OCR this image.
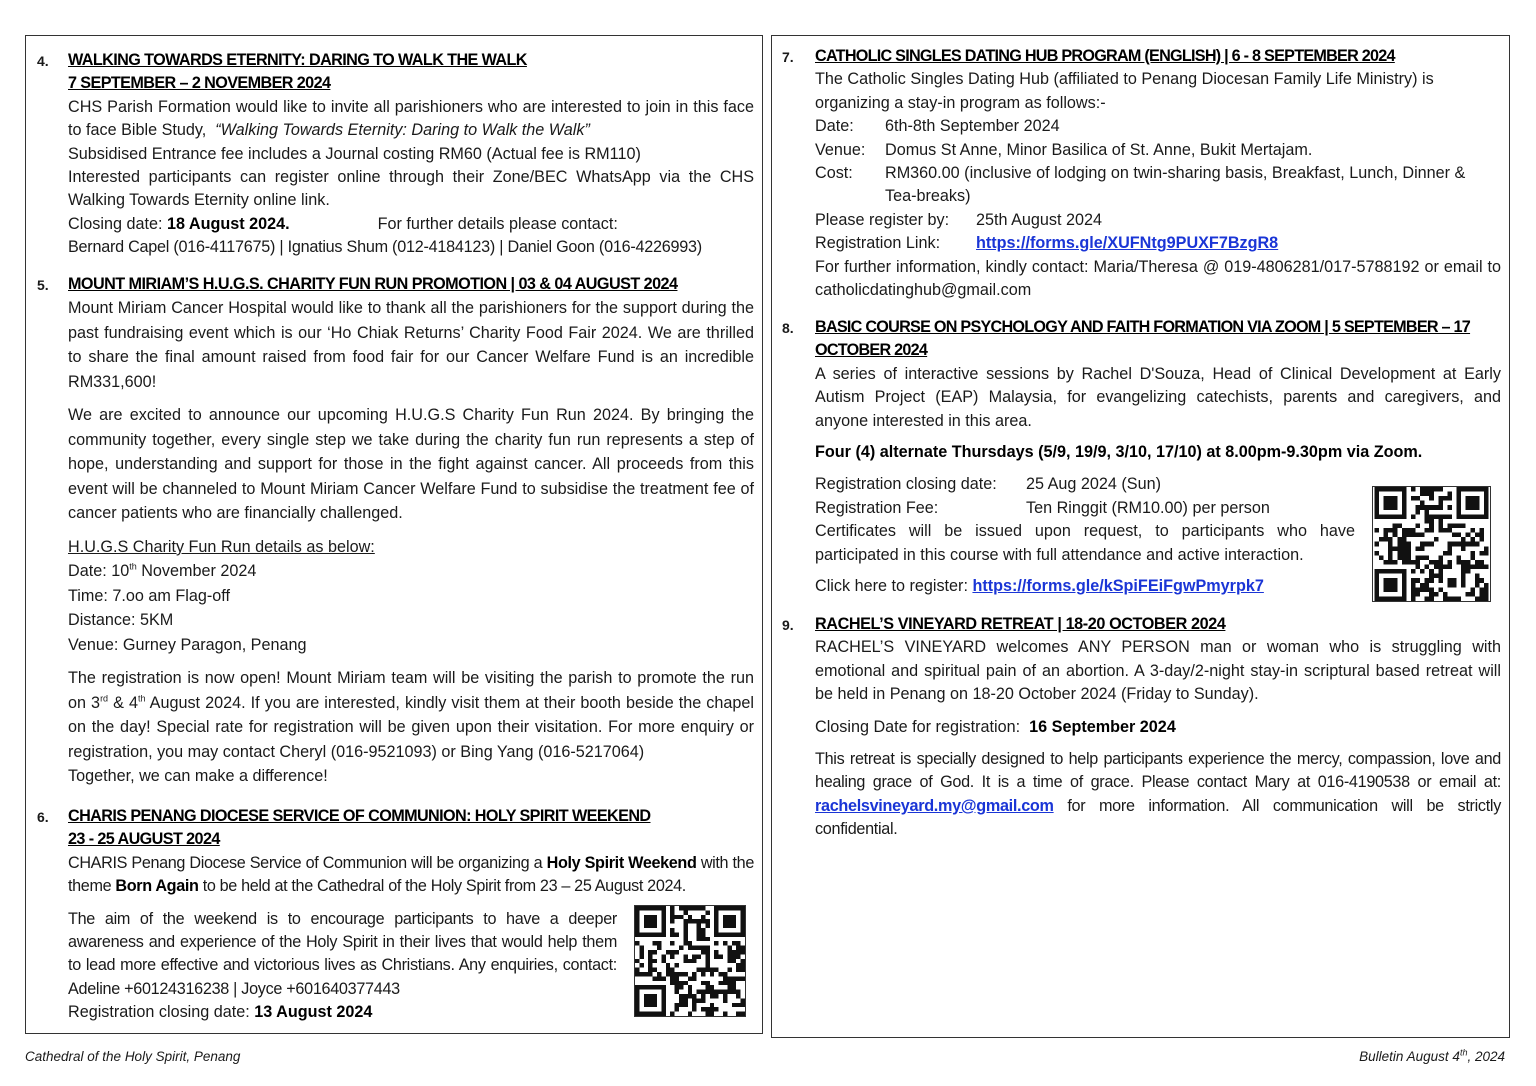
4. WALKING TOWARDS ETERNITY: DARING TO WALK THE WALK

7 SEPTEMBER – 2 NOVEMBER 2024

CHS Parish Formation would like to invite all parishioners who are interested to join in this face to face Bible Study, “Walking Towards Eternity: Daring to Walk the Walk”

Subsidised Entrance fee includes a Journal costing RM60 (Actual fee is RM110)

Interested participants can register online through their Zone/BEC WhatsApp via the CHS Walking Towards Eternity online link.

Closing date: 18 August 2024.	For further details please contact:

Bernard Capel (016-4117675) | Ignatius Shum (012-4184123) | Daniel Goon (016-4226993)

5. MOUNT MIRIAM’S H.U.G.S. CHARITY FUN RUN PROMOTION | 03 & 04 AUGUST 2024

Mount Miriam Cancer Hospital would like to thank all the parishioners for the support during the past fundraising event which is our ‘Ho Chiak Returns’ Charity Food Fair 2024. We are thrilled to share the final amount raised from food fair for our Cancer Welfare Fund is an incredible RM331,600!

We are excited to announce our upcoming H.U.G.S Charity Fun Run 2024. By bringing the community together, every single step we take during the charity fun run represents a step of hope, understanding and support for those in the fight against cancer. All proceeds from this event will be channeled to Mount Miriam Cancer Welfare Fund to subsidise the treatment fee of cancer patients who are financially challenged.

H.U.G.S Charity Fun Run details as below:

Date: 10th November 2024

Time: 7.oo am Flag-off

Distance: 5KM

Venue: Gurney Paragon, Penang

The registration is now open! Mount Miriam team will be visiting the parish to promote the run on 3rd & 4th August 2024. If you are interested, kindly visit them at their booth beside the chapel on the day! Special rate for registration will be given upon their visitation. For more enquiry or registration, you may contact Cheryl (016-9521093) or Bing Yang (016-5217064)

Together, we can make a difference!

6. CHARIS PENANG DIOCESE SERVICE OF COMMUNION: HOLY SPIRIT WEEKEND

23 - 25 AUGUST 2024

CHARIS Penang Diocese Service of Communion will be organizing a Holy Spirit Weekend with the theme Born Again to be held at the Cathedral of the Holy Spirit from 23 – 25 August 2024.

The aim of the weekend is to encourage participants to have a deeper awareness and experience of the Holy Spirit in their lives that would help them to lead more effective and victorious lives as Christians. Any enquiries, contact: Adeline +60124316238 | Joyce +601640377443

Registration closing date: 13 August 2024

7. CATHOLIC SINGLES DATING HUB PROGRAM (ENGLISH) | 6 - 8 SEPTEMBER 2024

The Catholic Singles Dating Hub (affiliated to Penang Diocesan Family Life Ministry) is organizing a stay-in program as follows:-

Date:	6th-8th September 2024
Venue:	Domus St Anne, Minor Basilica of St. Anne, Bukit Mertajam.
Cost:	RM360.00 (inclusive of lodging on twin-sharing basis, Breakfast, Lunch, Dinner & Tea-breaks)
Please register by:	25th August 2024
Registration Link:	https://forms.gle/XUFNtg9PUXF7BzgR8

For further information, kindly contact: Maria/Theresa @ 019-4806281/017-5788192 or email to catholicdatinghub@gmail.com

8. BASIC COURSE ON PSYCHOLOGY AND FAITH FORMATION VIA ZOOM | 5 SEPTEMBER – 17

OCTOBER 2024

A series of interactive sessions by Rachel D'Souza, Head of Clinical Development at Early Autism Project (EAP) Malaysia, for evangelizing catechists, parents and caregivers, and anyone interested in this area.

Four (4) alternate Thursdays (5/9, 19/9, 3/10, 17/10) at 8.00pm-9.30pm via Zoom.

Registration closing date:	25 Aug 2024 (Sun)
Registration Fee:	Ten Ringgit (RM10.00) per person

Certificates will be issued upon request, to participants who have participated in this course with full attendance and active interaction.

Click here to register: https://forms.gle/kSpiFEiFgwPmyrpk7

9. RACHEL’S VINEYARD RETREAT | 18-20 OCTOBER 2024

RACHEL’S VINEYARD welcomes ANY PERSON man or woman who is struggling with emotional and spiritual pain of an abortion. A 3-day/2-night stay-in scriptural based retreat will be held in Penang on 18-20 October 2024 (Friday to Sunday).

Closing Date for registration: 16 September 2024

This retreat is specially designed to help participants experience the mercy, compassion, love and healing grace of God. It is a time of grace. Please contact Mary at 016-4190538 or email at: rachelsvineyard.my@gmail.com for more information. All communication will be strictly confidential.

Cathedral of the Holy Spirit, Penang	Bulletin August 4th, 2024
